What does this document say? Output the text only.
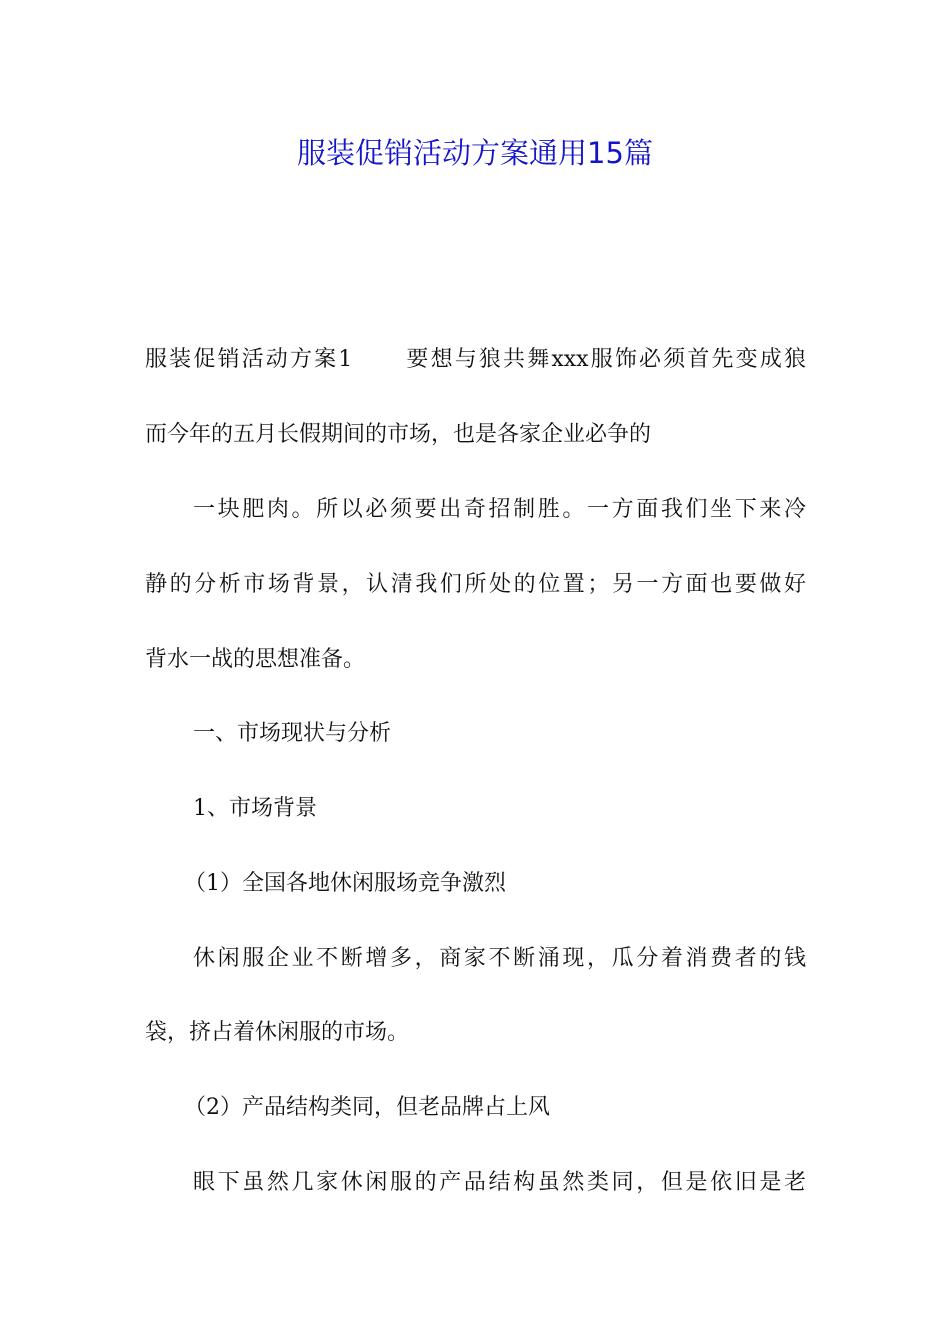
服装促销活动方案通用15篇
服装促销活动方案1 要想与狼共舞xxx服饰必须首先变成狼
而今年的五月长假期间的市场，也是各家企业必争的
一块肥肉。所以必须要出奇招制胜。一方面我们坐下来冷
静的分析市场背景，认清我们所处的位置；另一方面也要做好
背水一战的思想准备。
一、市场现状与分析
1、市场背景
（1）全国各地休闲服场竞争激烈
休闲服企业不断增多，商家不断涌现，瓜分着消费者的钱
袋，挤占着休闲服的市场。
（2）产品结构类同，但老品牌占上风
眼下虽然几家休闲服的产品结构虽然类同，但是依旧是老
